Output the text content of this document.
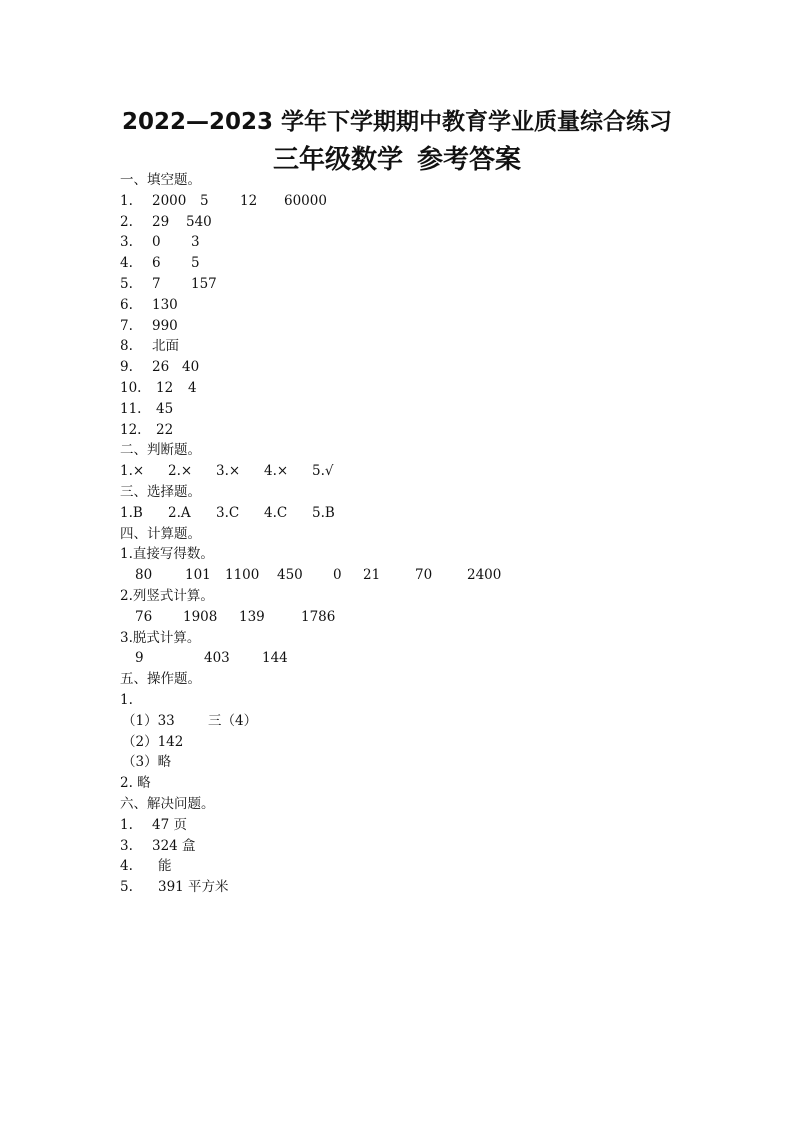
2022—2023 学年下学期期中教育学业质量综合练习
三年级数学 参考答案
一、填空题。
1. 2000 5 12 60000
2. 29 540
3. 0 3
4. 6 5
5. 7 157
6. 130
7. 990
8. 北面
9. 26 40
10. 12 4
11. 45
12. 22
二、判断题。
1.× 2.× 3.× 4.× 5.√
三、选择题。
1.B 2.A 3.C 4.C 5.B
四、计算题。
1.直接写得数。
80 101 1100 450 0 21	70	2400
2.列竖式计算。
76 1908 139	1786
3.脱式计算。
9	403 144
五、操作题。
1.
（1）33 三（4）
（2）142
（3）略
2. 略
六、解决问题。
1. 47 页
3. 324 盒
4. 能
5. 391 平方米
